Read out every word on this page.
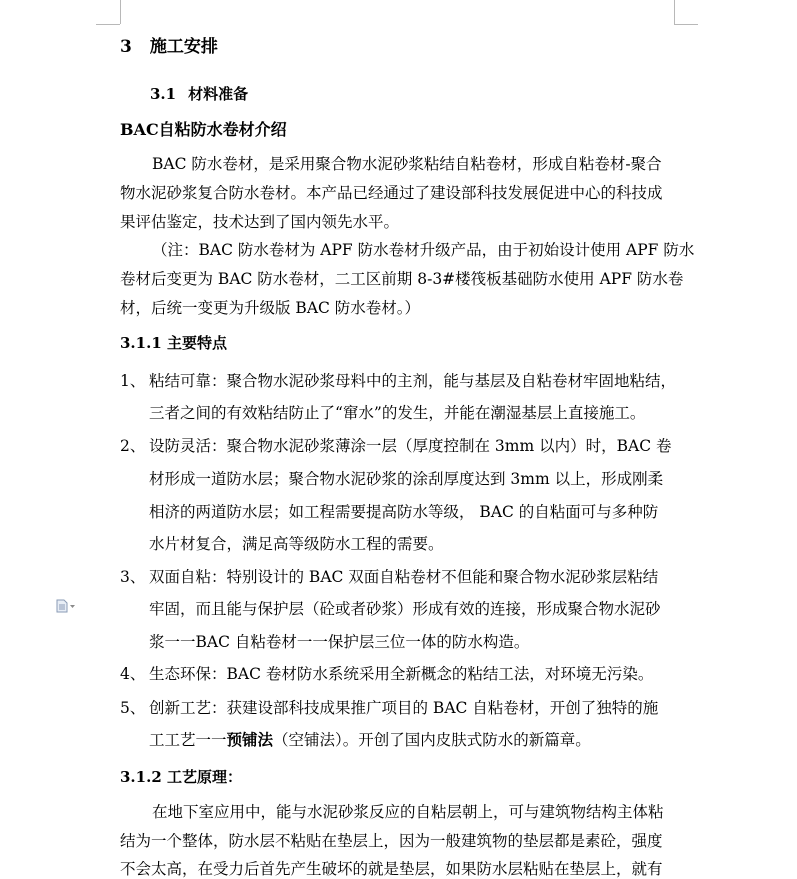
3 施工安排
3.1 材料准备
BAC自粘防水卷材介绍
BAC 防水卷材，是采用聚合物水泥砂浆粘结自粘卷材，形成自粘卷材-聚合
物水泥砂浆复合防水卷材。本产品已经通过了建设部科技发展促进中心的科技成
果评估鉴定，技术达到了国内领先水平。
（注：BAC 防水卷材为 APF 防水卷材升级产品，由于初始设计使用 APF 防水
卷材后变更为 BAC 防水卷材，二工区前期 8-3#楼筏板基础防水使用 APF 防水卷
材，后统一变更为升级版 BAC 防水卷材。）
3.1.1 主要特点
1、 粘结可靠：聚合物水泥砂浆母料中的主剂，能与基层及自粘卷材牢固地粘结，
三者之间的有效粘结防止了“窜水”的发生，并能在潮湿基层上直接施工。
2、 设防灵活：聚合物水泥砂浆薄涂一层（厚度控制在 3mm 以内）时，BAC 卷
材形成一道防水层；聚合物水泥砂浆的涂刮厚度达到 3mm 以上，形成刚柔
相济的两道防水层；如工程需要提高防水等级， BAC 的自粘面可与多种防
水片材复合，满足高等级防水工程的需要。
3、 双面自粘：特别设计的 BAC 双面自粘卷材不但能和聚合物水泥砂浆层粘结
牢固，而且能与保护层（砼或者砂浆）形成有效的连接，形成聚合物水泥砂
浆一一BAC 自粘卷材一一保护层三位一体的防水构造。
4、 生态环保：BAC 卷材防水系统采用全新概念的粘结工法，对环境无污染。
5、 创新工艺：获建设部科技成果推广项目的 BAC 自粘卷材，开创了独特的施
工工艺一一预铺法（空铺法）。开创了国内皮肤式防水的新篇章。
3.1.2 工艺原理：
在地下室应用中，能与水泥砂浆反应的自粘层朝上，可与建筑物结构主体粘
结为一个整体，防水层不粘贴在垫层上，因为一般建筑物的垫层都是素砼，强度
不会太高，在受力后首先产生破坏的就是垫层，如果防水层粘贴在垫层上，就有
